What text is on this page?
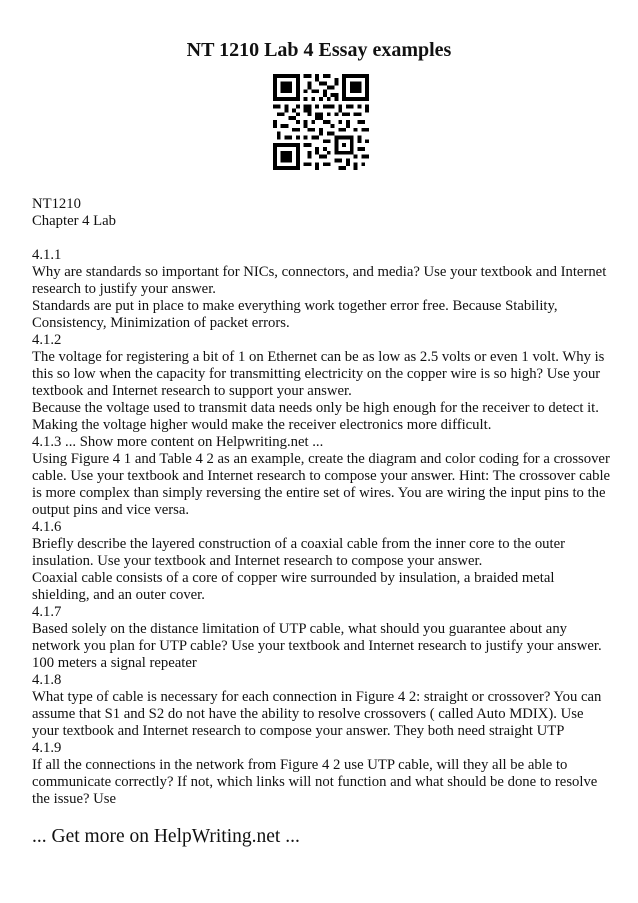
NT 1210 Lab 4 Essay examples

NT1210

Chapter 4 Lab

4.1.1

Why are standards so important for NICs, connectors, and media? Use your textbook and Internet research to justify your answer.

Standards are put in place to make everything work together error free. Because Stability, Consistency, Minimization of packet errors.

4.1.2

The voltage for registering a bit of 1 on Ethernet can be as low as 2.5 volts or even 1 volt. Why is this so low when the capacity for transmitting electricity on the copper wire is so high? Use your textbook and Internet research to support your answer.

Because the voltage used to transmit data needs only be high enough for the receiver to detect it. Making the voltage higher would make the receiver electronics more difficult.

4.1.3 ... Show more content on Helpwriting.net ...

Using Figure 4 1 and Table 4 2 as an example, create the diagram and color coding for a crossover cable. Use your textbook and Internet research to compose your answer. Hint: The crossover cable is more complex than simply reversing the entire set of wires. You are wiring the input pins to the output pins and vice versa.

4.1.6

Briefly describe the layered construction of a coaxial cable from the inner core to the outer insulation. Use your textbook and Internet research to compose your answer.

Coaxial cable consists of a core of copper wire surrounded by insulation, a braided metal shielding, and an outer cover.

4.1.7

Based solely on the distance limitation of UTP cable, what should you guarantee about any network you plan for UTP cable? Use your textbook and Internet research to justify your answer.

100 meters a signal repeater

4.1.8

What type of cable is necessary for each connection in Figure 4 2: straight or crossover? You can assume that S1 and S2 do not have the ability to resolve crossovers ( called Auto MDIX). Use your textbook and Internet research to compose your answer. They both need straight UTP

4.1.9

If all the connections in the network from Figure 4 2 use UTP cable, will they all be able to communicate correctly? If not, which links will not function and what should be done to resolve the issue? Use

... Get more on HelpWriting.net ...
